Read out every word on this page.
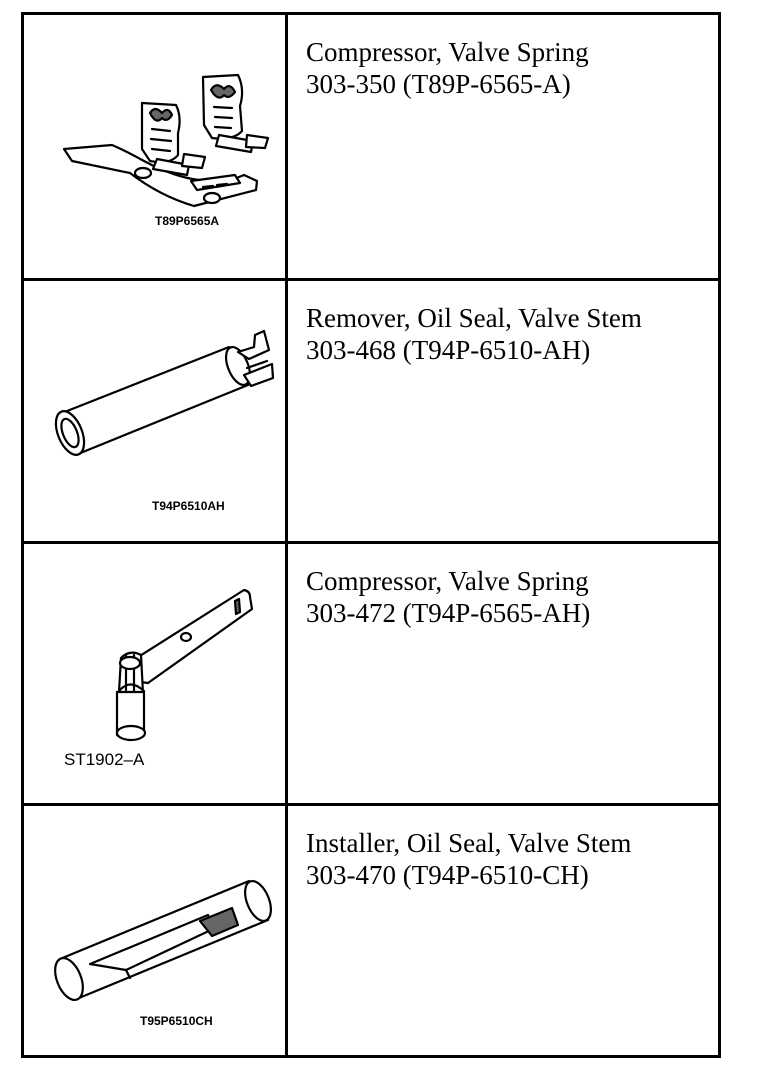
T89P6565A
Compressor, Valve Spring
303-350 (T89P-6565-A)
T94P6510AH
Remover, Oil Seal, Valve Stem
303-468 (T94P-6510-AH)
ST1902–A
Compressor, Valve Spring
303-472 (T94P-6565-AH)
T95P6510CH
Installer, Oil Seal, Valve Stem
303-470 (T94P-6510-CH)
